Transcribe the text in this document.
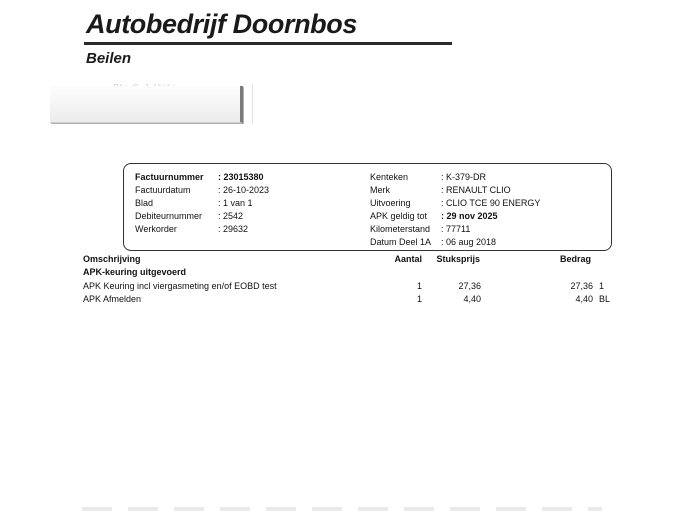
Autobedrijf Doornbos
Beilen
Factuurnummer : 23015380
Factuurdatum	: 26-10-2023
Blad	: 1 van 1
Debiteurnummer : 2542
Werkorder	: 29632
Kenteken	: K-379-DR
Merk	: RENAULT CLIO
Uitvoering	: CLIO TCE 90 ENERGY
APK geldig tot : 29 nov 2025
Kilometerstand : 77711
Datum Deel 1A : 06 aug 2018
Omschrijving	Aantal	Stuksprijs	Bedrag
APK-keuring uitgevoerd
APK Keuring incl viergasmeting en/of EOBD test	1	27,36	27,36 1
APK Afmelden	1	4,40	4,40 BL
